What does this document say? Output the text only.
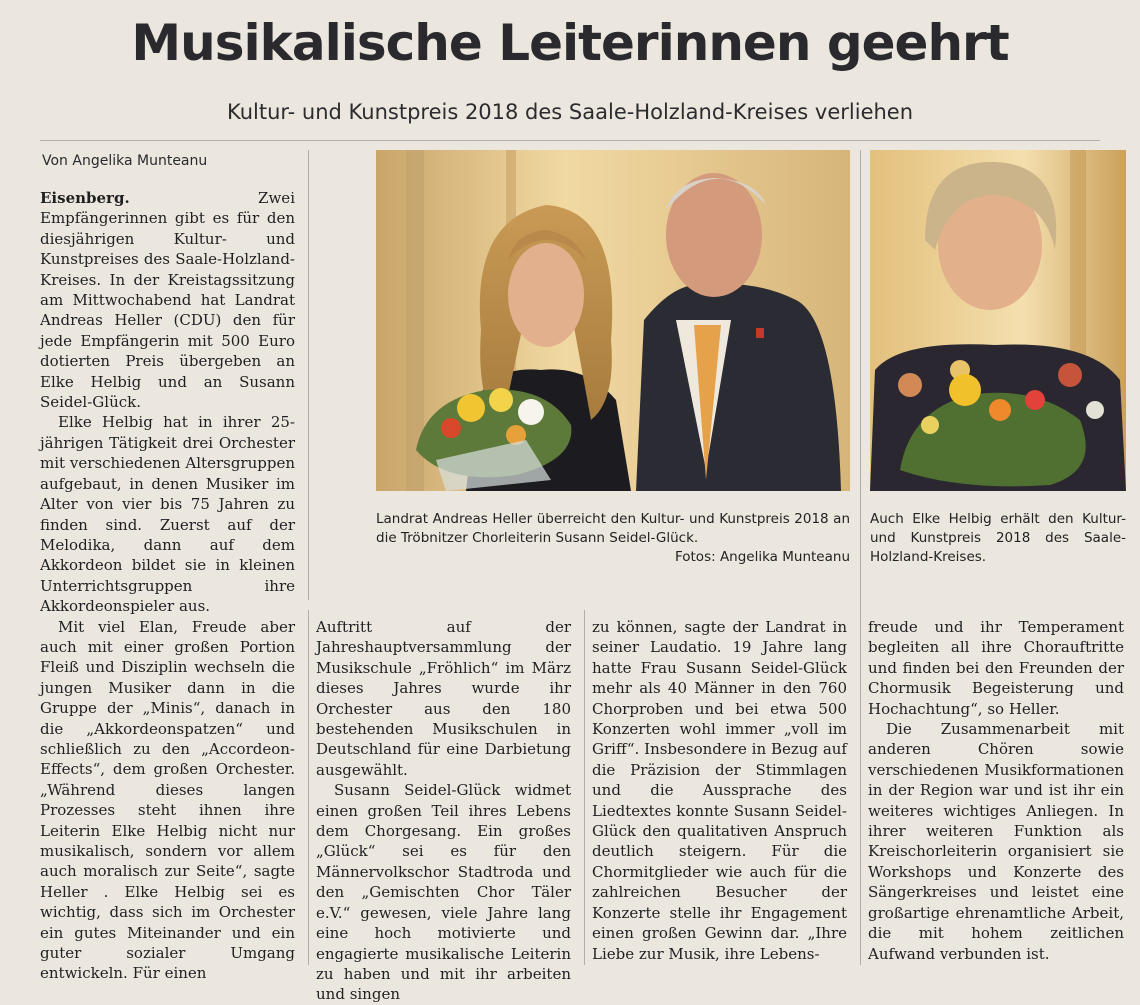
Musikalische Leiterinnen geehrt
Kultur- und Kunstpreis 2018 des Saale-Holzland-Kreises verliehen
Von Angelika Munteanu

Eisenberg. Zwei Empfängerinnen gibt es für den diesjährigen Kultur- und Kunstpreises des Saale-Holzland-Kreises. In der Kreistagssitzung am Mittwochabend hat Landrat Andreas Heller (CDU) den für jede Empfängerin mit 500 Euro dotierten Preis übergeben an Elke Helbig und an Susann Seidel-Glück.

Elke Helbig hat in ihrer 25-jährigen Tätigkeit drei Orchester mit verschiedenen Altersgruppen aufgebaut, in denen Musiker im Alter von vier bis 75 Jahren zu finden sind. Zuerst auf der Melodika, dann auf dem Akkordeon bildet sie in kleinen Unterrichtsgruppen ihre Akkordeonspieler aus.

Mit viel Elan, Freude aber auch mit einer großen Portion Fleiß und Disziplin wechseln die jungen Musiker dann in die Gruppe der „Minis“, danach in die „Akkordeonspatzen“ und schließlich zu den „Accordeon-Effects“, dem großen Orchester. „Während dieses langen Prozesses steht ihnen ihre Leiterin Elke Helbig nicht nur musikalisch, sondern vor allem auch moralisch zur Seite“, sagte Heller . Elke Helbig sei es wichtig, dass sich im Orchester ein gutes Miteinander und ein guter sozialer Umgang entwickeln. Für einen

Landrat Andreas Heller überreicht den Kultur- und Kunstpreis 2018 an die Tröbnitzer Chorleiterin Susann Seidel-Glück.
Fotos: Angelika Munteanu
Auch Elke Helbig erhält den Kultur- und Kunstpreis 2018 des Saale-Holzland-Kreises.

Auftritt auf der Jahreshauptversammlung der Musikschule „Fröhlich“ im März dieses Jahres wurde ihr Orchester aus den 180 bestehenden Musikschulen in Deutschland für eine Darbietung ausgewählt.

Susann Seidel-Glück widmet einen großen Teil ihres Lebens dem Chorgesang. Ein großes „Glück“ sei es für den Männervolkschor Stadtroda und den „Gemischten Chor Täler e.V.“ gewesen, viele Jahre lang eine hoch motivierte und engagierte musikalische Leiterin zu haben und mit ihr arbeiten und singen

zu können, sagte der Landrat in seiner Laudatio. 19 Jahre lang hatte Frau Susann Seidel-Glück mehr als 40 Männer in den 760 Chorproben und bei etwa 500 Konzerten wohl immer „voll im Griff“. Insbesondere in Bezug auf die Präzision der Stimmlagen und die Aussprache des Liedtextes konnte Susann Seidel-Glück den qualitativen Anspruch deutlich steigern. Für die Chormitglieder wie auch für die zahlreichen Besucher der Konzerte stelle ihr Engagement einen großen Gewinn dar. „Ihre Liebe zur Musik, ihre Lebens-

freude und ihr Temperament begleiten all ihre Chorauftritte und finden bei den Freunden der Chormusik Begeisterung und Hochachtung“, so Heller.

Die Zusammenarbeit mit anderen Chören sowie verschiedenen Musikformationen in der Region war und ist ihr ein weiteres wichtiges Anliegen. In ihrer weiteren Funktion als Kreischorleiterin organisiert sie Workshops und Konzerte des Sängerkreises und leistet eine großartige ehrenamtliche Arbeit, die mit hohem zeitlichen Aufwand verbunden ist.
